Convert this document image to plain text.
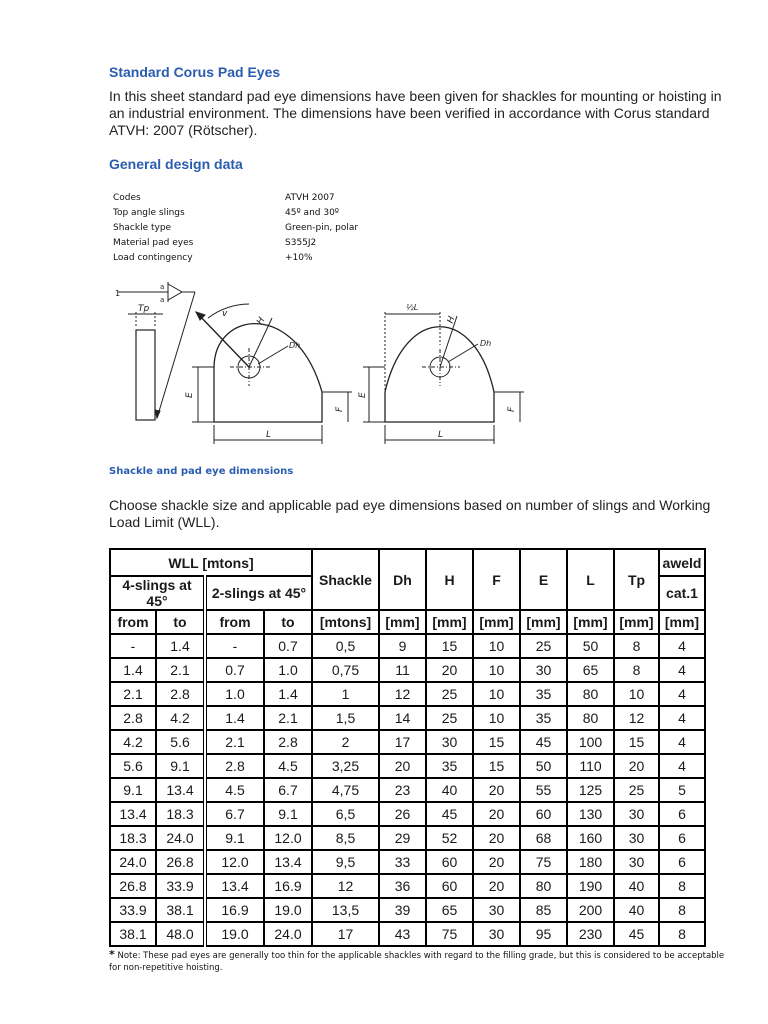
Standard Corus Pad Eyes
In this sheet standard pad eye dimensions have been given for shackles for mounting or hoisting in an industrial environment. The dimensions have been verified in accordance with Corus standard ATVH: 2007 (Rötscher).
General design data
Codes	ATVH 2007
Top angle slings	45º and 30º
Shackle type	Green-pin, polar
Material pad eyes	S355J2
Load contingency	+10%
1
a
a
Tp	v
H
Dh
E
L
F
H
Dh
½L
E
L
F
Shackle and pad eye dimensions
Choose shackle size and applicable pad eye dimensions based on number of slings and Working Load Limit (WLL).
WLL [mtons]				Shackle	Dh	H	F	E	L	Tp	aweld
4-slings at 45°		2-slings at 45°									cat.1
from	to	from	to	[mtons]	[mm]	[mm]	[mm]	[mm]	[mm]	[mm]	[mm]
-	1.4	-	0.7	0,5	9	15	10	25	50	8	4
1.4	2.1	0.7	1.0	0,75	11	20	10	30	65	8	4
2.1	2.8	1.0	1.4	1	12	25	10	35	80	10	4
2.8	4.2	1.4	2.1	1,5	14	25	10	35	80	12	4
4.2	5.6	2.1	2.8	2	17	30	15	45	100	15	4
5.6	9.1	2.8	4.5	3,25	20	35	15	50	110	20	4
9.1	13.4	4.5	6.7	4,75	23	40	20	55	125	25	5
13.4	18.3	6.7	9.1	6,5	26	45	20	60	130	30	6
18.3	24.0	9.1	12.0	8,5	29	52	20	68	160	30	6
24.0	26.8	12.0	13.4	9,5	33	60	20	75	180	30	6
26.8	33.9	13.4	16.9	12	36	60	20	80	190	40	8
33.9	38.1	16.9	19.0	13,5	39	65	30	85	200	40	8
38.1	48.0	19.0	24.0	17	43	75	30	95	230	45	8
* Note: These pad eyes are generally too thin for the applicable shackles with regard to the filling grade, but this is considered to be acceptable for non-repetitive hoisting.
